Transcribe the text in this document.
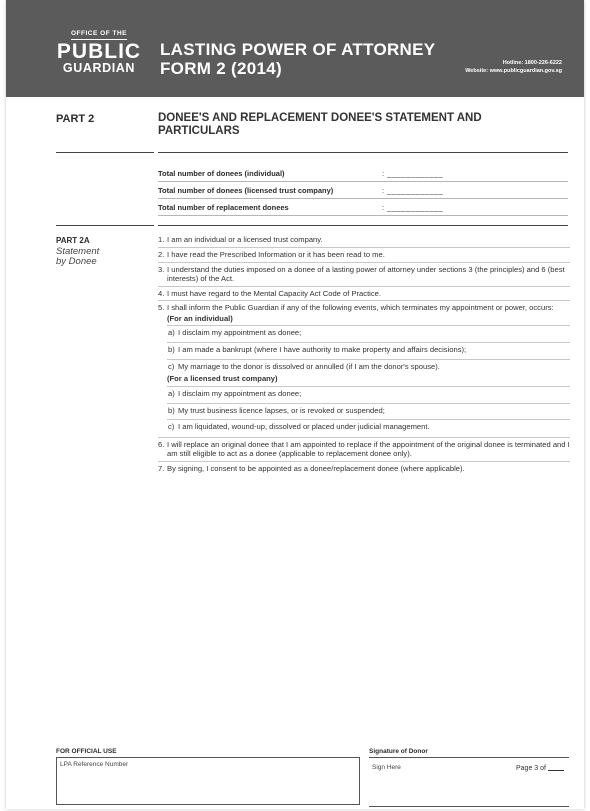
OFFICE OF THE
PUBLIC
GUARDIAN
LASTING POWER OF ATTORNEY
FORM 2 (2014)	Hotline: 1800-226-6222
Website: www.publicguardian.gov.sg
PART 2	DONEE'S AND REPLACEMENT DONEE'S STATEMENT AND PARTICULARS
Total number of donees (individual)	: ____________
Total number of donees (licensed trust company)	: ____________
Total number of replacement donees	: ____________
PART 2A
Statement
by Donee
1. I am an individual or a licensed trust company.
2. I have read the Prescribed Information or it has been read to me.
3. I understand the duties imposed on a donee of a lasting power of attorney under sections 3 (the principles) and 6 (best interests) of the Act.
4. I must have regard to the Mental Capacity Act Code of Practice.
5. I shall inform the Public Guardian if any of the following events, which terminates my appointment or power, occurs:
(For an individual)
a) I disclaim my appointment as donee;
b) I am made a bankrupt (where I have authority to make property and affairs decisions);
c) My marriage to the donor is dissolved or annulled (if I am the donor's spouse).
(For a licensed trust company)
a) I disclaim my appointment as donee;
b) My trust business licence lapses, or is revoked or suspended;
c) I am liquidated, wound-up, dissolved or placed under judicial management.
6. I will replace an original donee that I am appointed to replace if the appointment of the original donee is terminated and I am still eligible to act as a donee (applicable to replacement donee only).
7. By signing, I consent to be appointed as a donee/replacement donee (where applicable).
FOR OFFICIAL USE
LPA Reference Number
Signature of Donor
Sign Here	Page 3 of
